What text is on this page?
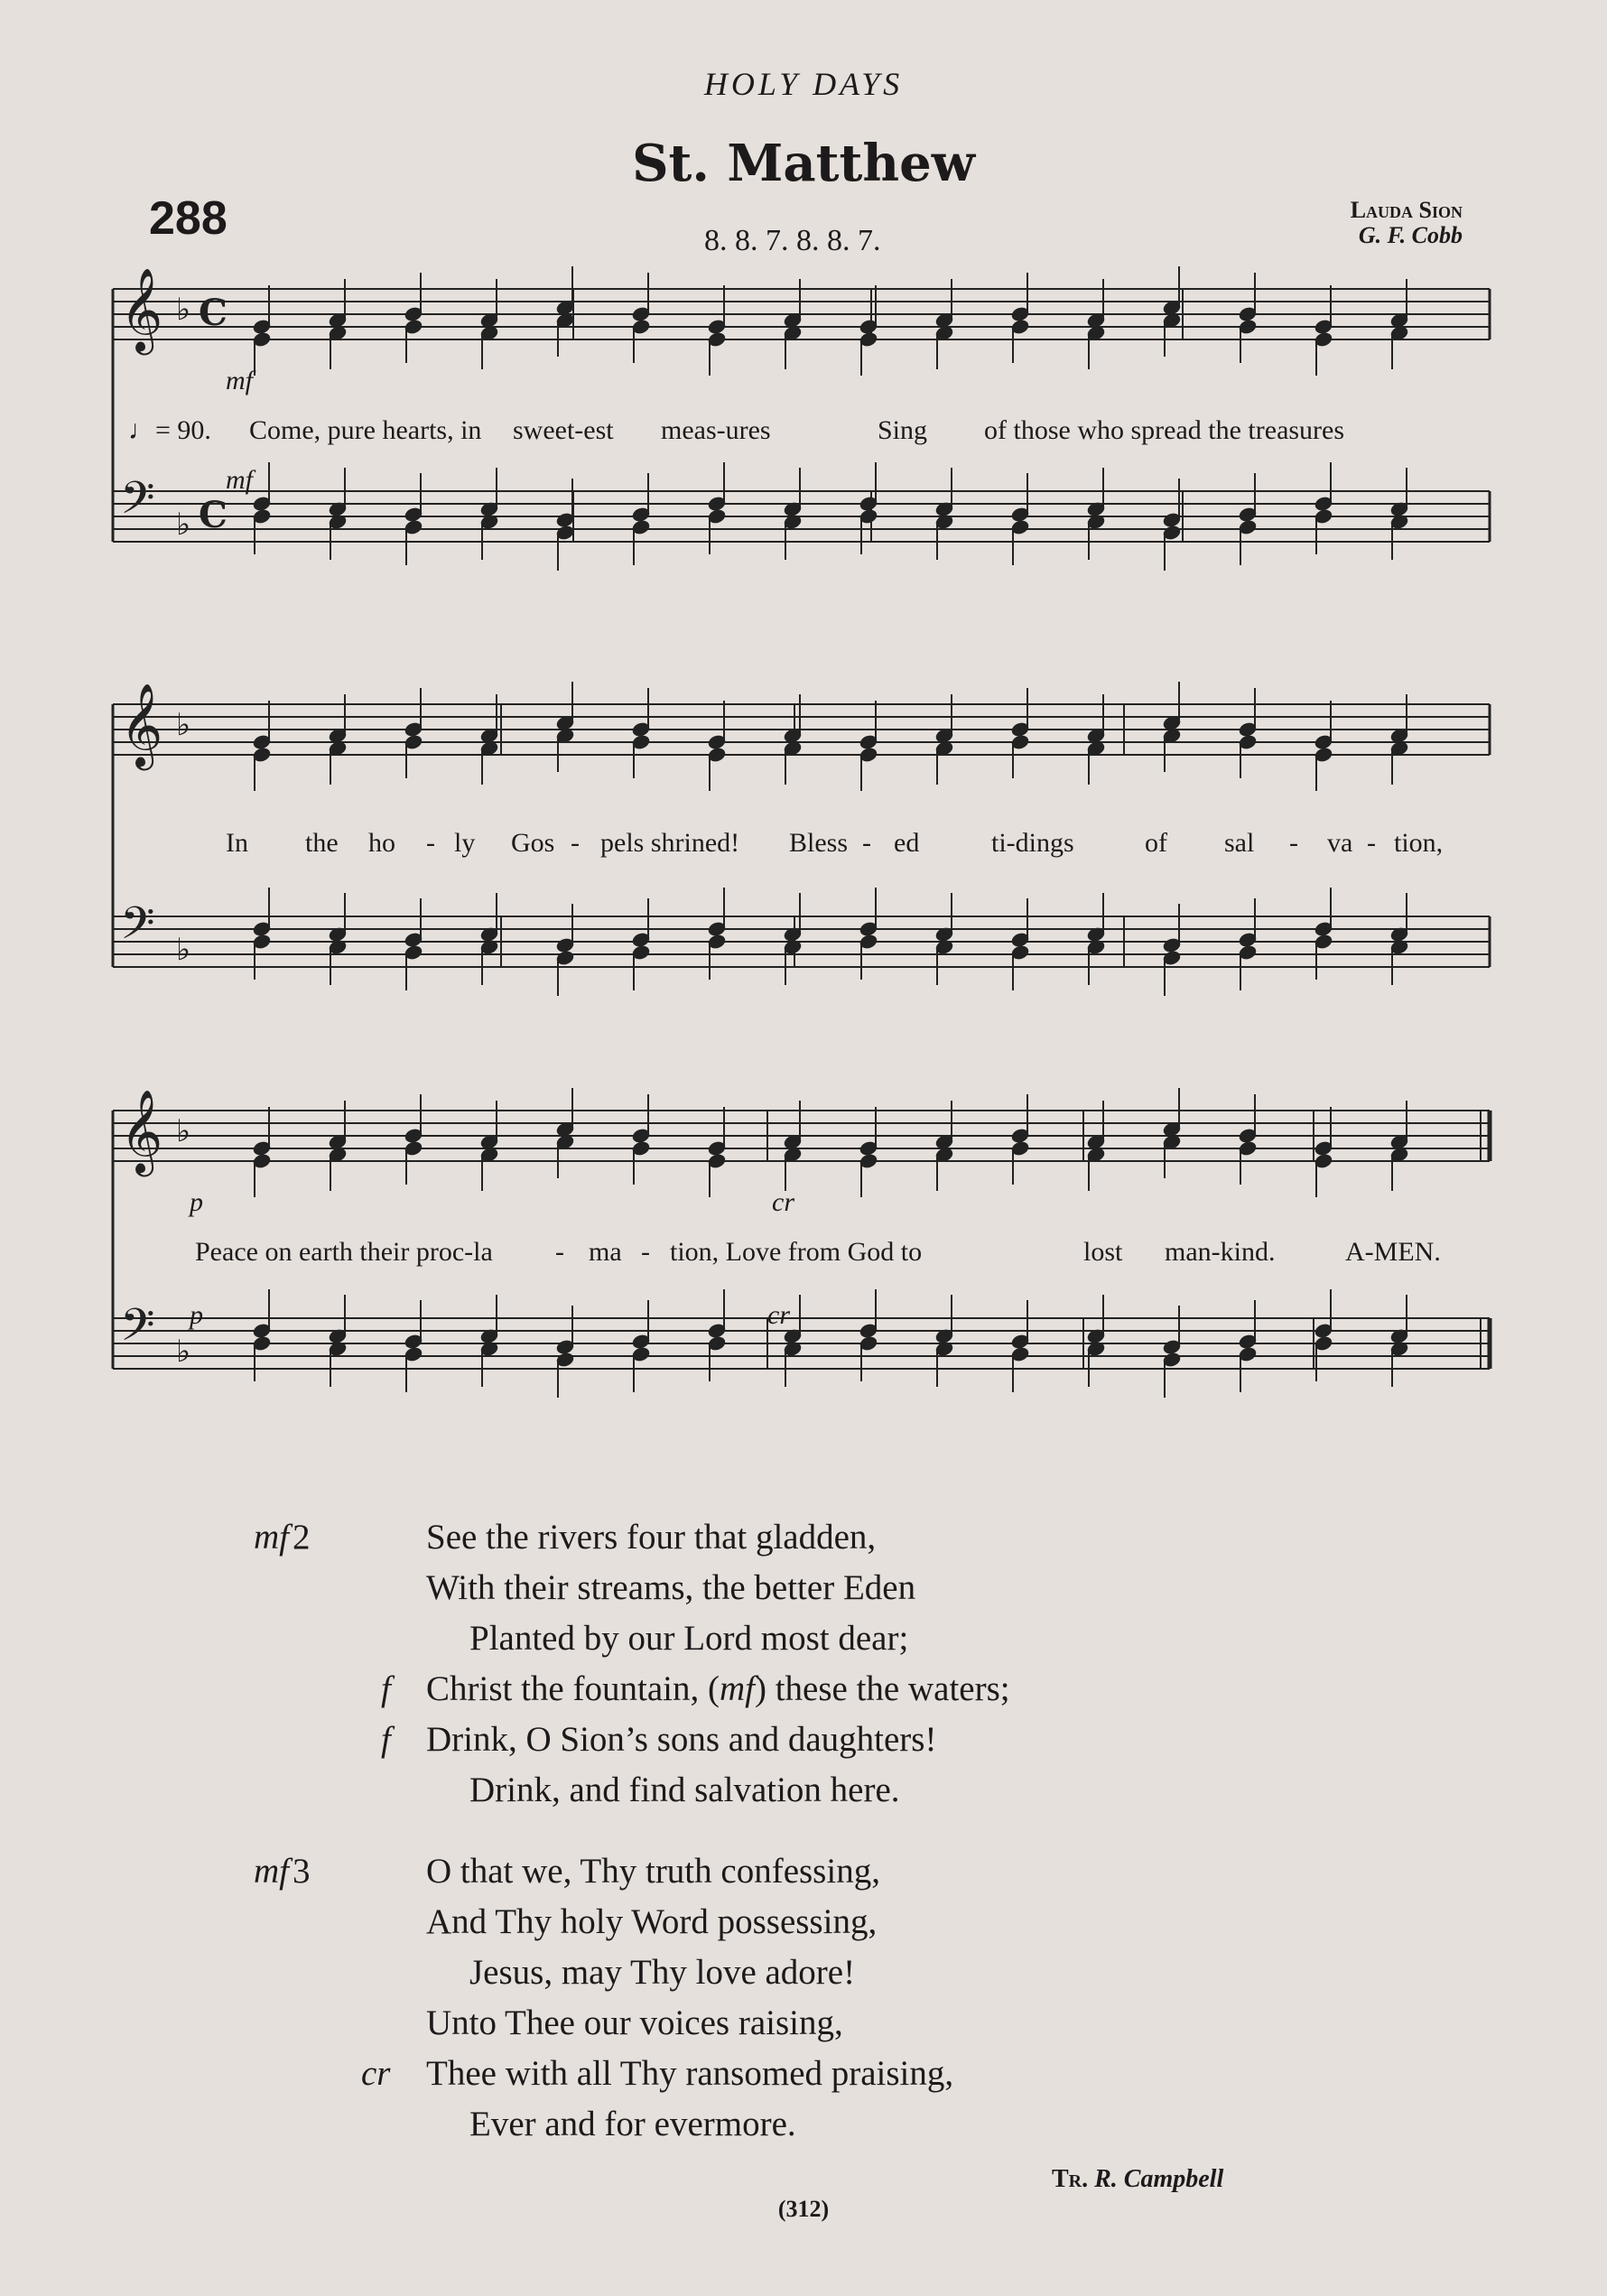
HOLY DAYS
St. Matthew
288	8. 8. 7. 8. 8. 7.
Lauda Sion
G. F. Cobb
𝄞 ♭ C
𝄢 ♭ C
𝄞 ♭
𝄢 ♭
𝄞 ♭
𝄢 ♭
mf
mf
p	cr
p	cr
♩= 90. Come, pure hearts, in sweet-est meas-ures	Sing of those who spread the treasures
In the ho - ly Gos - pels shrined! Bless - ed	ti-dings	of sal - va - tion,
Peace on earth their proc-la - ma - tion, Love from God to	lost man-kind.	A-MEN.
mf 2	See the rivers four that gladden,
With their streams, the better Eden
Planted by our Lord most dear;
f Christ the fountain, (mf) these the waters;
f Drink, O Sion’s sons and daughters!
Drink, and find salvation here.
mf 3	O that we, Thy truth confessing,
And Thy holy Word possessing,
Jesus, may Thy love adore!
Unto Thee our voices raising,
cr Thee with all Thy ransomed praising,
Ever and for evermore.
Tr. R. Campbell
(312)
